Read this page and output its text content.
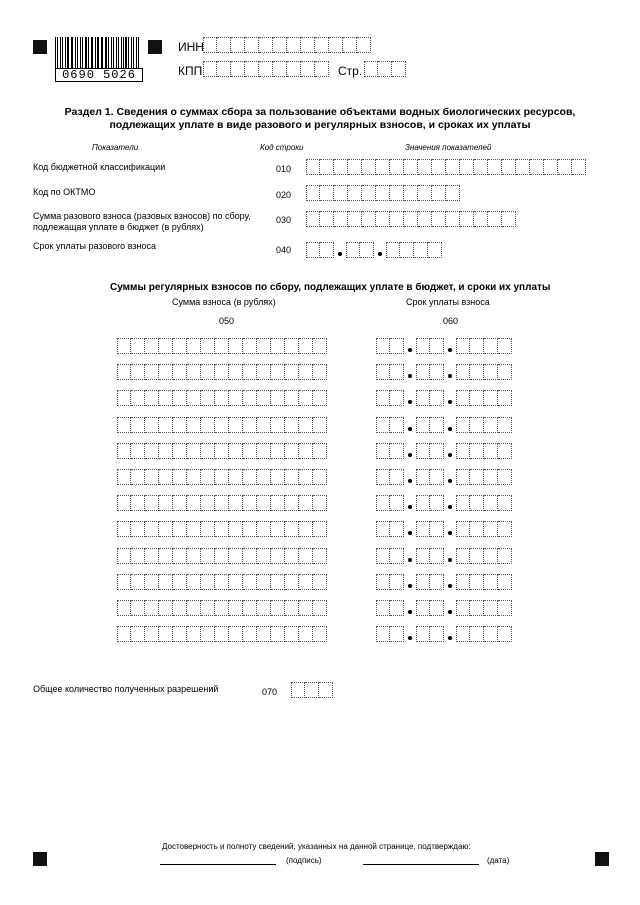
0690 5026
ИНН
КПП	Стр.
Раздел 1. Сведения о суммах сбора за пользование объектами водных биологических ресурсов,
подлежащих уплате в виде разового и регулярных взносов, и сроках их уплаты
Показатели	Код строки	Значения показателей
Код бюджетной классификации	010
Код по ОКТМО	020
Сумма разового взноса (разовых взносов) по сбору,
подлежащая уплате в бюджет (в рублях)
030
Срок уплаты разового взноса	040
Суммы регулярных взносов по сбору, подлежащих уплате в бюджет, и сроки их уплаты
Сумма взноса (в рублях)	Срок уплаты взноса
050	060
Общее количество полученных разрешений	070
Достоверность и полноту сведений, указанных на данной странице, подтверждаю:
(подпись)	(дата)
